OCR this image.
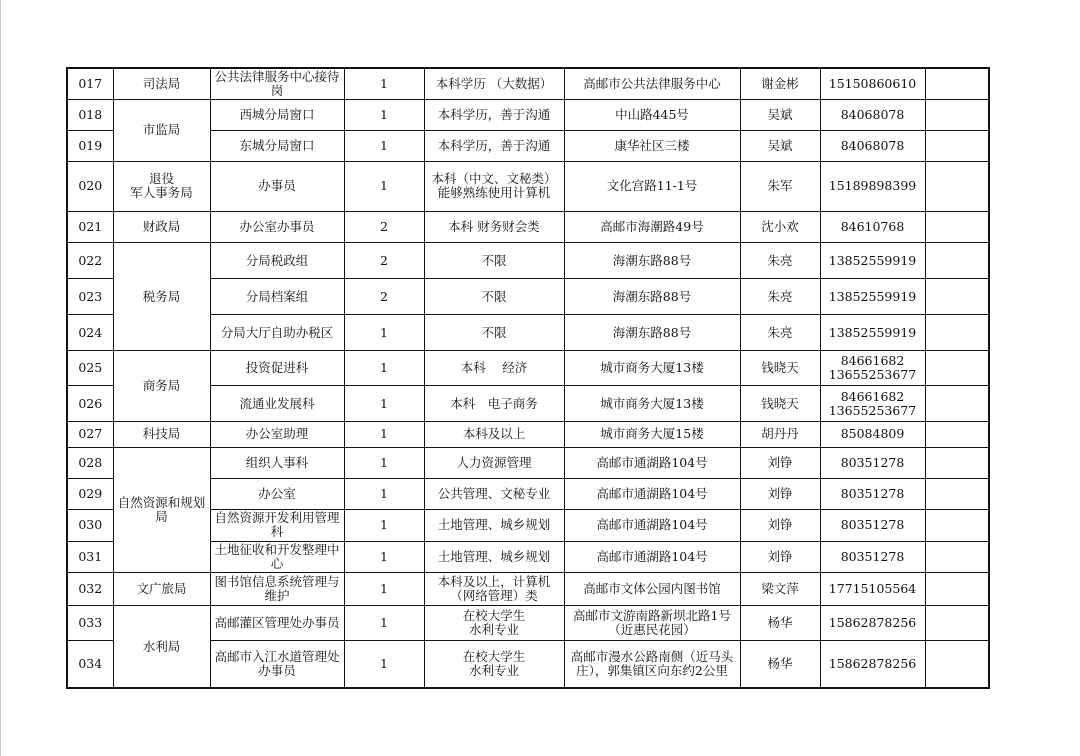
017	司法局	公共法律服务中心接待岗	1	本科学历 （大数据）	高邮市公共法律服务中心	谢金彬	15150860610	
018	市监局	西城分局窗口	1	本科学历，善于沟通	中山路445号	吴斌	84068078	
019		东城分局窗口	1	本科学历，善于沟通	康华社区三楼	吴斌	84068078	
020	退役
军人事务局	办事员	1	本科（中文、文秘类）
能够熟练使用计算机	文化宫路11-1号	朱军	15189898399	
021	财政局	办公室办事员	2	本科 财务财会类	高邮市海潮路49号	沈小欢	84610768	
022	税务局	分局税政组	2	不限	海潮东路88号	朱亮	13852559919	
023		分局档案组	2	不限	海潮东路88号	朱亮	13852559919	
024		分局大厅自助办税区	1	不限	海潮东路88号	朱亮	13852559919	
025	商务局	投资促进科	1	本科　 经济	城市商务大厦13楼	钱晓天	84661682
13655253677	
026		流通业发展科	1	本科　电子商务	城市商务大厦13楼	钱晓天	84661682
13655253677	
027	科技局	办公室助理	1	本科及以上	城市商务大厦15楼	胡丹丹	85084809	
028	自然资源和规划局	组织人事科	1	人力资源管理	高邮市通湖路104号	刘铮	80351278	
029		办公室	1	公共管理、文秘专业	高邮市通湖路104号	刘铮	80351278	
030		自然资源开发利用管理科	1	土地管理、城乡规划	高邮市通湖路104号	刘铮	80351278	
031		土地征收和开发整理中心	1	土地管理、城乡规划	高邮市通湖路104号	刘铮	80351278	
032	文广旅局	图书馆信息系统管理与维护	1	本科及以上，计算机（网络管理）类	高邮市文体公园内图书馆	梁文萍	17715105564	
033	水利局	高邮灌区管理处办事员	1	在校大学生
水利专业	高邮市文游南路新坝北路1号（近惠民花园）	杨华	15862878256	
034		高邮市入江水道管理处办事员	1	在校大学生
水利专业	高邮市漫水公路南侧（近马头庄），郭集镇区向东约2公里	杨华	15862878256	
